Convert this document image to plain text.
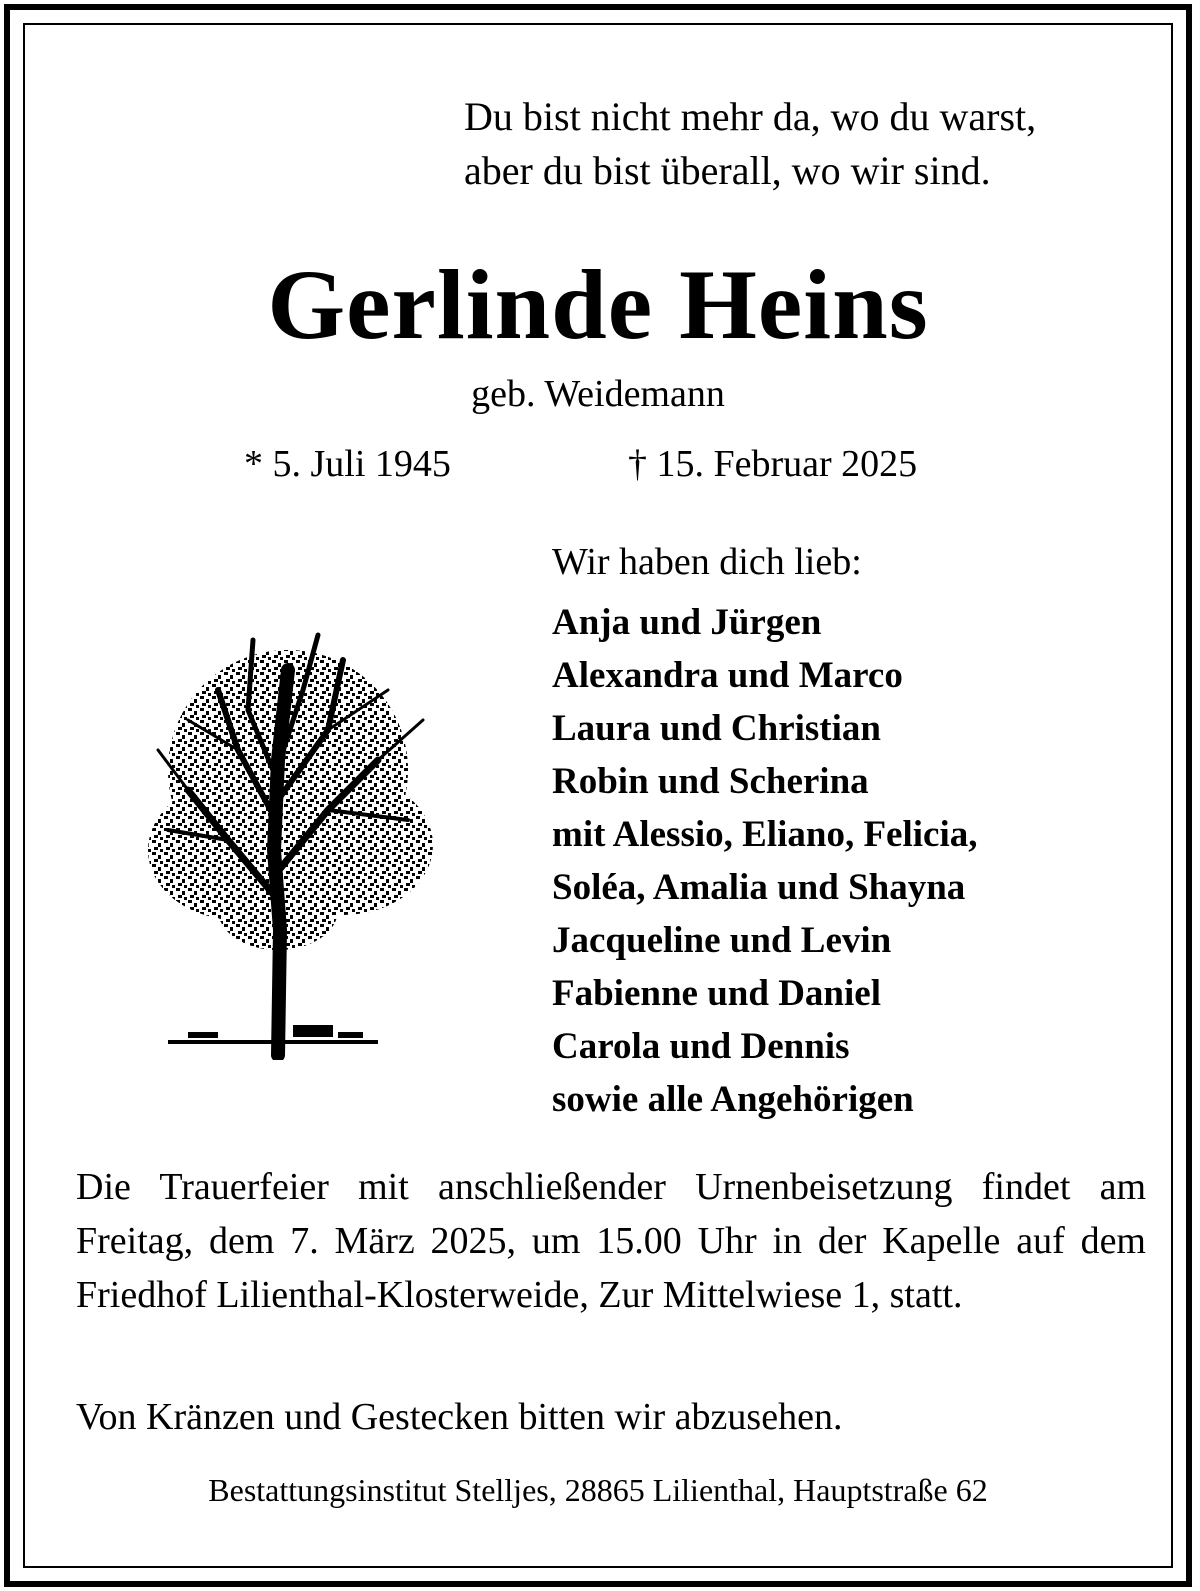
Du bist nicht mehr da, wo du warst,
aber du bist überall, wo wir sind.

Gerlinde Heins

geb. Weidemann

* 5. Juli 1945	† 15. Februar 2025

Wir haben dich lieb:

Anja und Jürgen
Alexandra und Marco
Laura und Christian
Robin und Scherina
mit Alessio, Eliano, Felicia,
Soléa, Amalia und Shayna
Jacqueline und Levin
Fabienne und Daniel
Carola und Dennis
sowie alle Angehörigen

Die Trauerfeier mit anschließender Urnenbeisetzung findet am Freitag, dem 7. März 2025, um 15.00 Uhr in der Kapelle auf dem Friedhof Lilienthal-Klosterweide, Zur Mittelwiese 1, statt.

Von Kränzen und Gestecken bitten wir abzusehen.

Bestattungsinstitut Stelljes, 28865 Lilienthal, Hauptstraße 62
